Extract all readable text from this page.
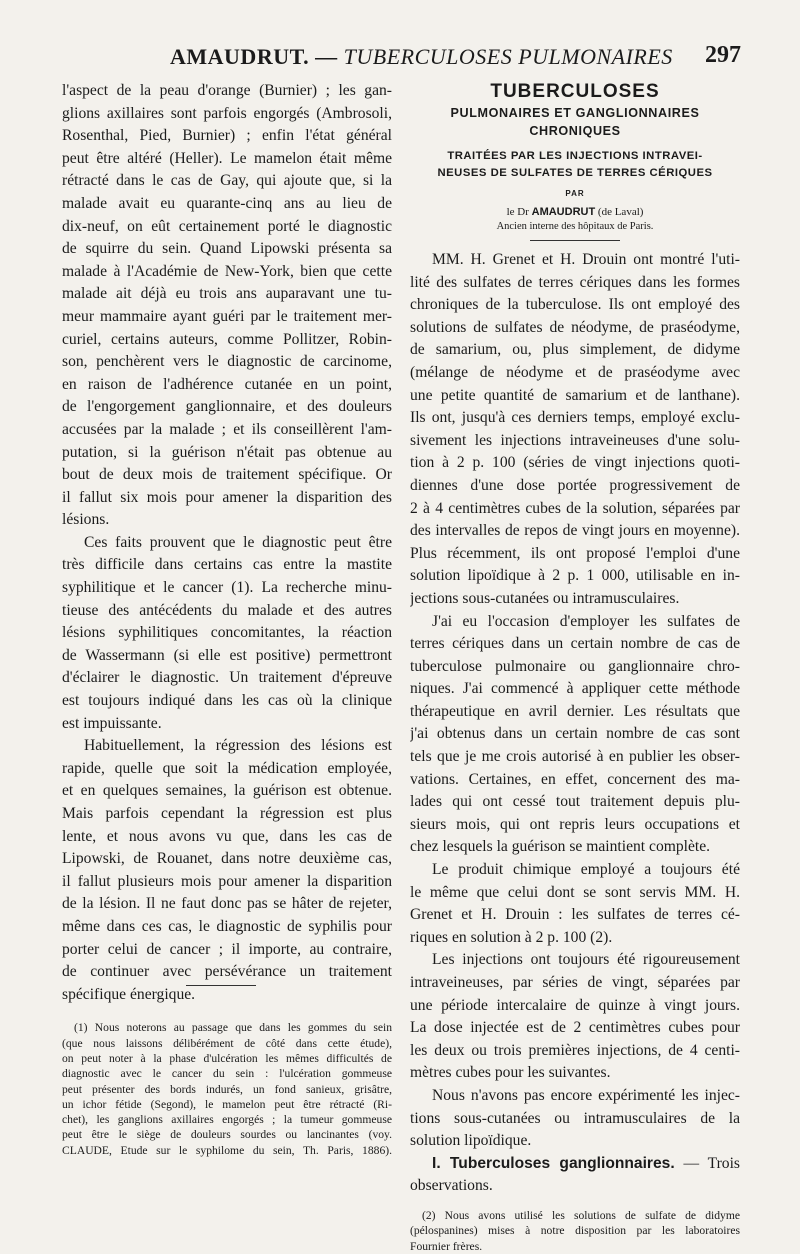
AMAUDRUT. — TUBERCULOSES PULMONAIRES 297
l'aspect de la peau d'orange (Burnier) ; les gan-
glions axillaires sont parfois engorgés (Ambrosoli,
Rosenthal, Pied, Burnier) ; enfin l'état général
peut être altéré (Heller). Le mamelon était même
rétracté dans le cas de Gay, qui ajoute que, si la
malade avait eu quarante-cinq ans au lieu de
dix-neuf, on eût certainement porté le diagnostic
de squirre du sein. Quand Lipowski présenta sa
malade à l'Académie de New-York, bien que cette
malade ait déjà eu trois ans auparavant une tu-
meur mammaire ayant guéri par le traitement mer-
curiel, certains auteurs, comme Pollitzer, Robin-
son, penchèrent vers le diagnostic de carcinome,
en raison de l'adhérence cutanée en un point,
de l'engorgement ganglionnaire, et des douleurs
accusées par la malade ; et ils conseillèrent l'am-
putation, si la guérison n'était pas obtenue au
bout de deux mois de traitement spécifique. Or
il fallut six mois pour amener la disparition des
lésions.
Ces faits prouvent que le diagnostic peut être
très difficile dans certains cas entre la mastite
syphilitique et le cancer (1). La recherche minu-
tieuse des antécédents du malade et des autres
lésions syphilitiques concomitantes, la réaction
de Wassermann (si elle est positive) permettront
d'éclairer le diagnostic. Un traitement d'épreuve
est toujours indiqué dans les cas où la clinique
est impuissante.
Habituellement, la régression des lésions est
rapide, quelle que soit la médication employée,
et en quelques semaines, la guérison est obtenue.
Mais parfois cependant la régression est plus
lente, et nous avons vu que, dans les cas de
Lipowski, de Rouanet, dans notre deuxième cas,
il fallut plusieurs mois pour amener la disparition
de la lésion. Il ne faut donc pas se hâter de rejeter,
même dans ces cas, le diagnostic de syphilis pour
porter celui de cancer ; il importe, au contraire,
de continuer avec persévérance un traitement
spécifique énergique.
(1) Nous noterons au passage que dans les gommes du sein
(que nous laissons délibérément de côté dans cette étude),
on peut noter à la phase d'ulcération les mêmes difficultés de
diagnostic avec le cancer du sein : l'ulcération gommeuse
peut présenter des bords indurés, un fond sanieux, grisâtre,
un ichor fétide (Segond), le mamelon peut être rétracté (Ri-
chet), les ganglions axillaires engorgés ; la tumeur gommeuse
peut être le siège de douleurs sourdes ou lancinantes (voy.
CLAUDE, Etude sur le syphilome du sein, Th. Paris, 1886).
TUBERCULOSES
PULMONAIRES ET GANGLIONNAIRES
CHRONIQUES
TRAITÉES PAR LES INJECTIONS INTRAVEI-
NEUSES DE SULFATES DE TERRES CÉRIQUES
PAR
le Dr AMAUDRUT (de Laval)
Ancien interne des hôpitaux de Paris.
MM. H. Grenet et H. Drouin ont montré l'uti-
lité des sulfates de terres cériques dans les formes
chroniques de la tuberculose. Ils ont employé des
solutions de sulfates de néodyme, de praséodyme,
de samarium, ou, plus simplement, de didyme
(mélange de néodyme et de praséodyme avec
une petite quantité de samarium et de lanthane).
Ils ont, jusqu'à ces derniers temps, employé exclu-
sivement les injections intraveineuses d'une solu-
tion à 2 p. 100 (séries de vingt injections quoti-
diennes d'une dose portée progressivement de
2 à 4 centimètres cubes de la solution, séparées par
des intervalles de repos de vingt jours en moyenne).
Plus récemment, ils ont proposé l'emploi d'une
solution lipoïdique à 2 p. 1 000, utilisable en in-
jections sous-cutanées ou intramusculaires.
J'ai eu l'occasion d'employer les sulfates de
terres cériques dans un certain nombre de cas de
tuberculose pulmonaire ou ganglionnaire chro-
niques. J'ai commencé à appliquer cette méthode
thérapeutique en avril dernier. Les résultats que
j'ai obtenus dans un certain nombre de cas sont
tels que je me crois autorisé à en publier les obser-
vations. Certaines, en effet, concernent des ma-
lades qui ont cessé tout traitement depuis plu-
sieurs mois, qui ont repris leurs occupations et
chez lesquels la guérison se maintient complète.
Le produit chimique employé a toujours été
le même que celui dont se sont servis MM. H.
Grenet et H. Drouin : les sulfates de terres cé-
riques en solution à 2 p. 100 (2).
Les injections ont toujours été rigoureusement
intraveineuses, par séries de vingt, séparées par
une période intercalaire de quinze à vingt jours.
La dose injectée est de 2 centimètres cubes pour
les deux ou trois premières injections, de 4 centi-
mètres cubes pour les suivantes.
Nous n'avons pas encore expérimenté les injec-
tions sous-cutanées ou intramusculaires de la
solution lipoïdique.
I. Tuberculoses ganglionnaires. — Trois
observations.
(2) Nous avons utilisé les solutions de sulfate de didyme
(pélospanines) mises à notre disposition par les laboratoires
Fournier frères.
